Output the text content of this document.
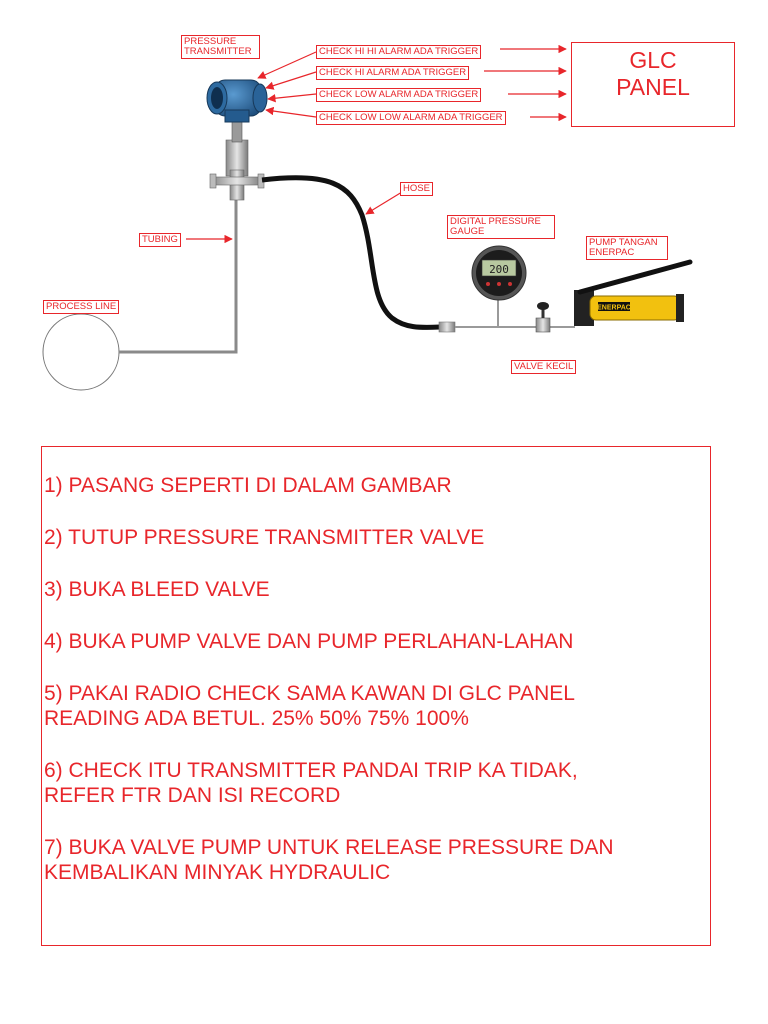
200
ENERPAC
PRESSURE TRANSMITTER	CHECK HI HI ALARM ADA TRIGGER
CHECK HI ALARM ADA TRIGGER
CHECK LOW ALARM ADA TRIGGER
CHECK LOW LOW ALARM ADA TRIGGER
GLC
PANEL
HOSE
DIGITAL PRESSURE GAUGE
PUMP TANGAN ENERPAC
TUBING
PROCESS LINE
VALVE KECIL
1) PASANG SEPERTI DI DALAM GAMBAR
2) TUTUP PRESSURE TRANSMITTER VALVE
3) BUKA BLEED VALVE
4) BUKA PUMP VALVE DAN PUMP PERLAHAN-LAHAN
5) PAKAI RADIO CHECK SAMA KAWAN DI GLC PANEL
READING ADA BETUL. 25% 50% 75% 100%
6) CHECK ITU TRANSMITTER PANDAI TRIP KA TIDAK,
REFER FTR DAN ISI RECORD
7) BUKA VALVE PUMP UNTUK RELEASE PRESSURE DAN
KEMBALIKAN MINYAK HYDRAULIC
